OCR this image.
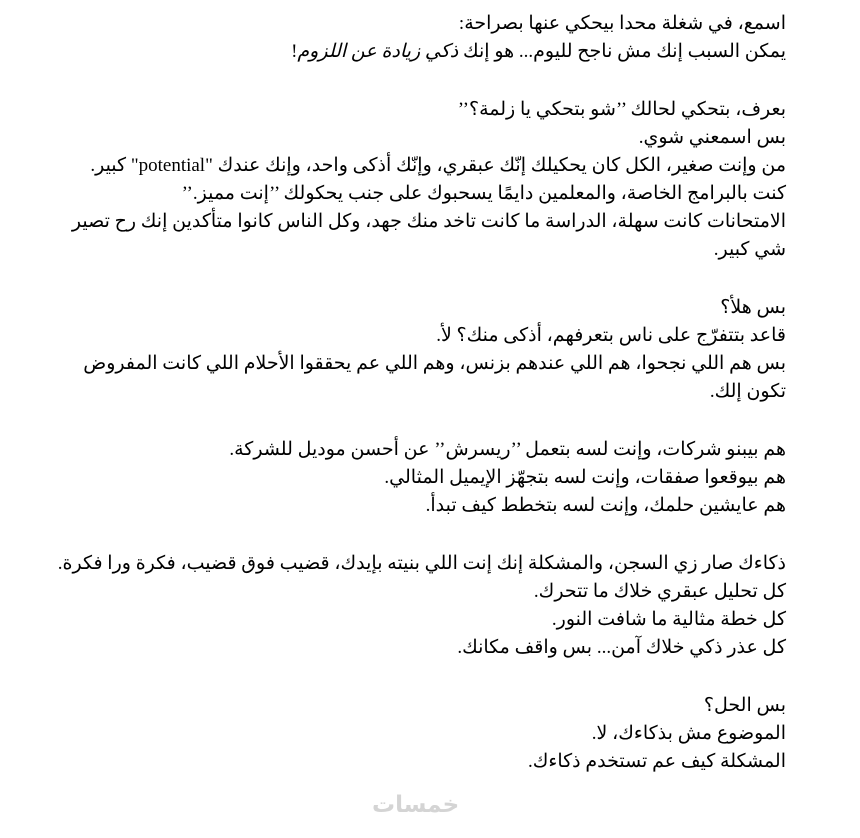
اسمع، في شغلة محدا بيحكي عنها بصراحة:
يمكن السبب إنك مش ناجح لليوم... هو إنك ذكي زيادة عن اللزوم!

بعرف، بتحكي لحالك ’’شو بتحكي يا زلمة؟’’
بس اسمعني شوي.
من وإنت صغير، الكل كان يحكيلك إنّك عبقري، وإنّك أذكى واحد، وإنك عندك "potential" كبير.
كنت بالبرامج الخاصة، والمعلمين دايمًا يسحبوك على جنب يحكولك ’’إنت مميز.’’
الامتحانات كانت سهلة، الدراسة ما كانت تاخد منك جهد، وكل الناس كانوا متأكدين إنك رح تصير شي كبير.

بس هلأ؟
قاعد بتتفرّج على ناس بتعرفهم، أذكى منك؟ لأ.
بس هم اللي نجحوا، هم اللي عندهم بزنس، وهم اللي عم يحققوا الأحلام اللي كانت المفروض تكون إلك.

هم بيبنو شركات، وإنت لسه بتعمل ’’ريسرش’’ عن أحسن موديل للشركة.
هم بيوقعوا صفقات، وإنت لسه بتجهّز الإيميل المثالي.
هم عايشين حلمك، وإنت لسه بتخطط كيف تبدأ.

ذكاءك صار زي السجن، والمشكلة إنك إنت اللي بنيته بإيدك، قضيب فوق قضيب، فكرة ورا فكرة.
كل تحليل عبقري خلاك ما تتحرك.
كل خطة مثالية ما شافت النور.
كل عذر ذكي خلاك آمن... بس واقف مكانك.

بس الحل؟
الموضوع مش بذكاءك، لا.
المشكلة كيف عم تستخدم ذكاءك.

خمسات
